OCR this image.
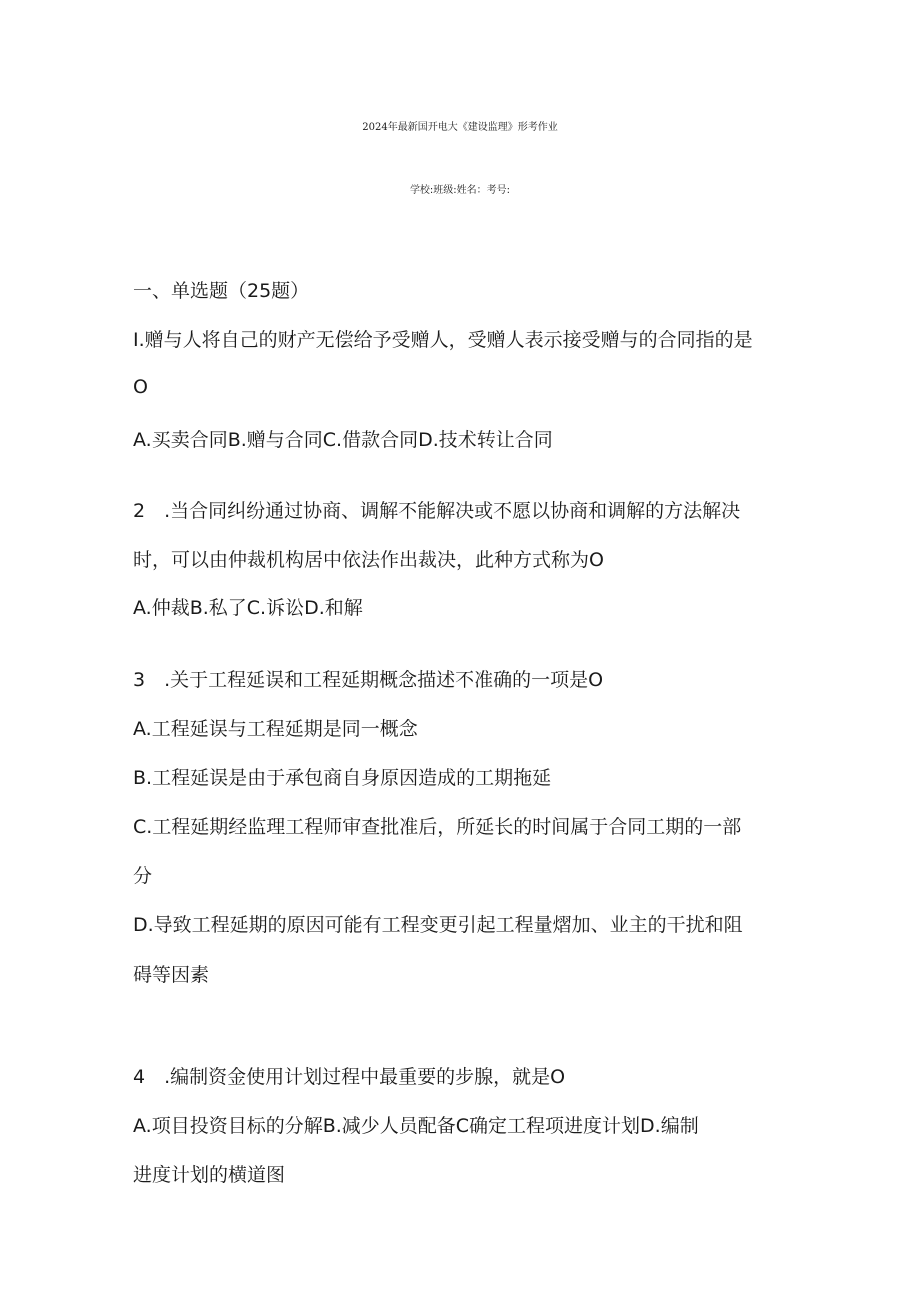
2024年最新国开电大《建设监理》形考作业
学校:班级:姓名：考号:
一、单选题（25题）
I.赠与人将自己的财产无偿给予受赠人，受赠人表示接受赠与的合同指的是
O
A.买卖合同B.赠与合同C.借款合同D.技术转让合同
2　.当合同纠纷通过协商、调解不能解决或不愿以协商和调解的方法解决
时，可以由仲裁机构居中依法作出裁决，此种方式称为O
A.仲裁B.私了C.诉讼D.和解
3　.关于工程延误和工程延期概念描述不准确的一项是O
A.工程延误与工程延期是同一概念
B.工程延误是由于承包商自身原因造成的工期拖延
C.工程延期经监理工程师审查批准后，所延长的时间属于合同工期的一部
分
D.导致工程延期的原因可能有工程变更引起工程量熠加、业主的干扰和阻
碍等因素
4　.编制资金使用计划过程中最重要的步腺，就是O
A.项目投资目标的分解B.减少人员配备C确定工程项进度计划D.编制
进度计划的横道图
